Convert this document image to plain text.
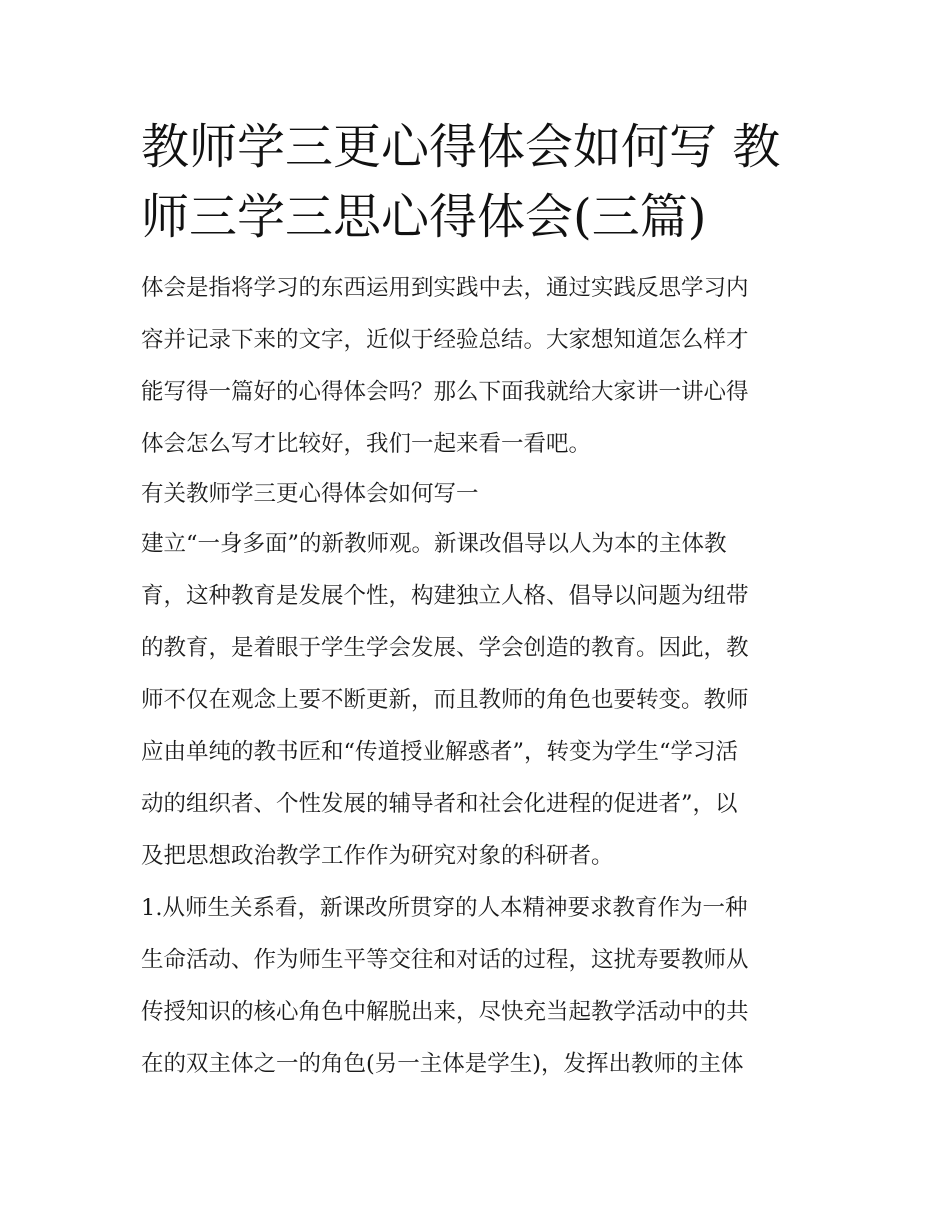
教师学三更心得体会如何写 教
师三学三思心得体会(三篇)

体会是指将学习的东西运用到实践中去，通过实践反思学习内
容并记录下来的文字，近似于经验总结。大家想知道怎么样才
能写得一篇好的心得体会吗？那么下面我就给大家讲一讲心得
体会怎么写才比较好，我们一起来看一看吧。

有关教师学三更心得体会如何写一

建立“一身多面”的新教师观。新课改倡导以人为本的主体教
育，这种教育是发展个性，构建独立人格、倡导以问题为纽带
的教育，是着眼于学生学会发展、学会创造的教育。因此，教
师不仅在观念上要不断更新，而且教师的角色也要转变。教师
应由单纯的教书匠和“传道授业解惑者”，转变为学生“学习活
动的组织者、个性发展的辅导者和社会化进程的促进者”，以
及把思想政治教学工作作为研究对象的科研者。

1.从师生关系看，新课改所贯穿的人本精神要求教育作为一种
生命活动、作为师生平等交往和对话的过程，这扰寿要教师从
传授知识的核心角色中解脱出来，尽快充当起教学活动中的共
在的双主体之一的角色(另一主体是学生)，发挥出教师的主体
